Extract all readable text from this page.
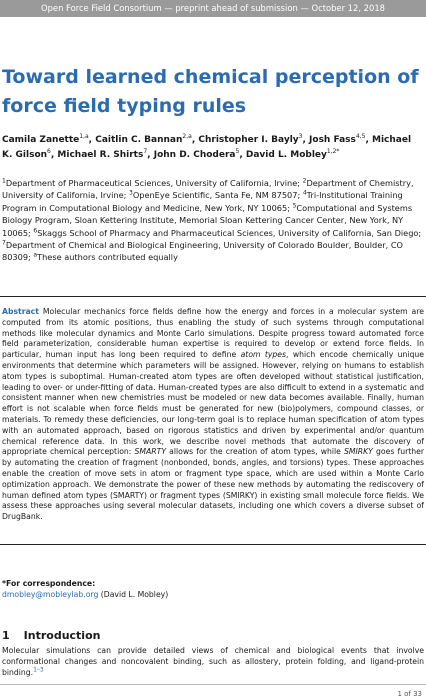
Open Force Field Consortium — preprint ahead of submission — October 12, 2018
Toward learned chemical perception of force field typing rules
Camila Zanette$^{1,a}$, Caitlin C. Bannan$^{2,a}$, Christopher I. Bayly$^3$, Josh Fass$^{4,5}$, Michael K. Gilson$^6$, Michael R. Shirts$^7$, John D. Chodera$^5$, David L. Mobley$^{1,2*}$
$^1$Department of Pharmaceutical Sciences, University of California, Irvine; $^2$Department of Chemistry, University of California, Irvine; $^3$OpenEye Scientific, Santa Fe, NM 87507; $^4$Tri-Institutional Training Program in Computational Biology and Medicine, New York, NY 10065; $^5$Computational and Systems Biology Program, Sloan Kettering Institute, Memorial Sloan Kettering Cancer Center, New York, NY 10065; $^6$Skaggs School of Pharmacy and Pharmaceutical Sciences, University of California, San Diego; $^7$Department of Chemical and Biological Engineering, University of Colorado Boulder, Boulder, CO 80309; $^a$These authors contributed equally
Abstract Molecular mechanics force fields define how the energy and forces in a molecular system are computed from its atomic positions, thus enabling the study of such systems through computational methods like molecular dynamics and Monte Carlo simulations. Despite progress toward automated force field parameterization, considerable human expertise is required to develop or extend force fields. In particular, human input has long been required to define atom types, which encode chemically unique environments that determine which parameters will be assigned. However, relying on humans to establish atom types is suboptimal. Human-created atom types are often developed without statistical justification, leading to over- or under-fitting of data. Human-created types are also difficult to extend in a systematic and consistent manner when new chemistries must be modeled or new data becomes available. Finally, human effort is not scalable when force fields must be generated for new (bio)polymers, compound classes, or materials. To remedy these deficiencies, our long-term goal is to replace human specification of atom types with an automated approach, based on rigorous statistics and driven by experimental and/or quantum chemical reference data. In this work, we describe novel methods that automate the discovery of appropriate chemical perception: SMARTY allows for the creation of atom types, while SMIRKY goes further by automating the creation of fragment (nonbonded, bonds, angles, and torsions) types. These approaches enable the creation of move sets in atom or fragment type space, which are used within a Monte Carlo optimization approach. We demonstrate the power of these new methods by automating the rediscovery of human defined atom types (SMARTY) or fragment types (SMIRKY) in existing small molecule force fields. We assess these approaches using several molecular datasets, including one which covers a diverse subset of DrugBank.
*For correspondence:
dmobley@mobleylab.org (David L. Mobley)
1 Introduction
Molecular simulations can provide detailed views of chemical and biological events that involve conformational changes and noncovalent binding, such as allostery, protein folding, and ligand-protein binding.$^{1-3}$
1 of 33
